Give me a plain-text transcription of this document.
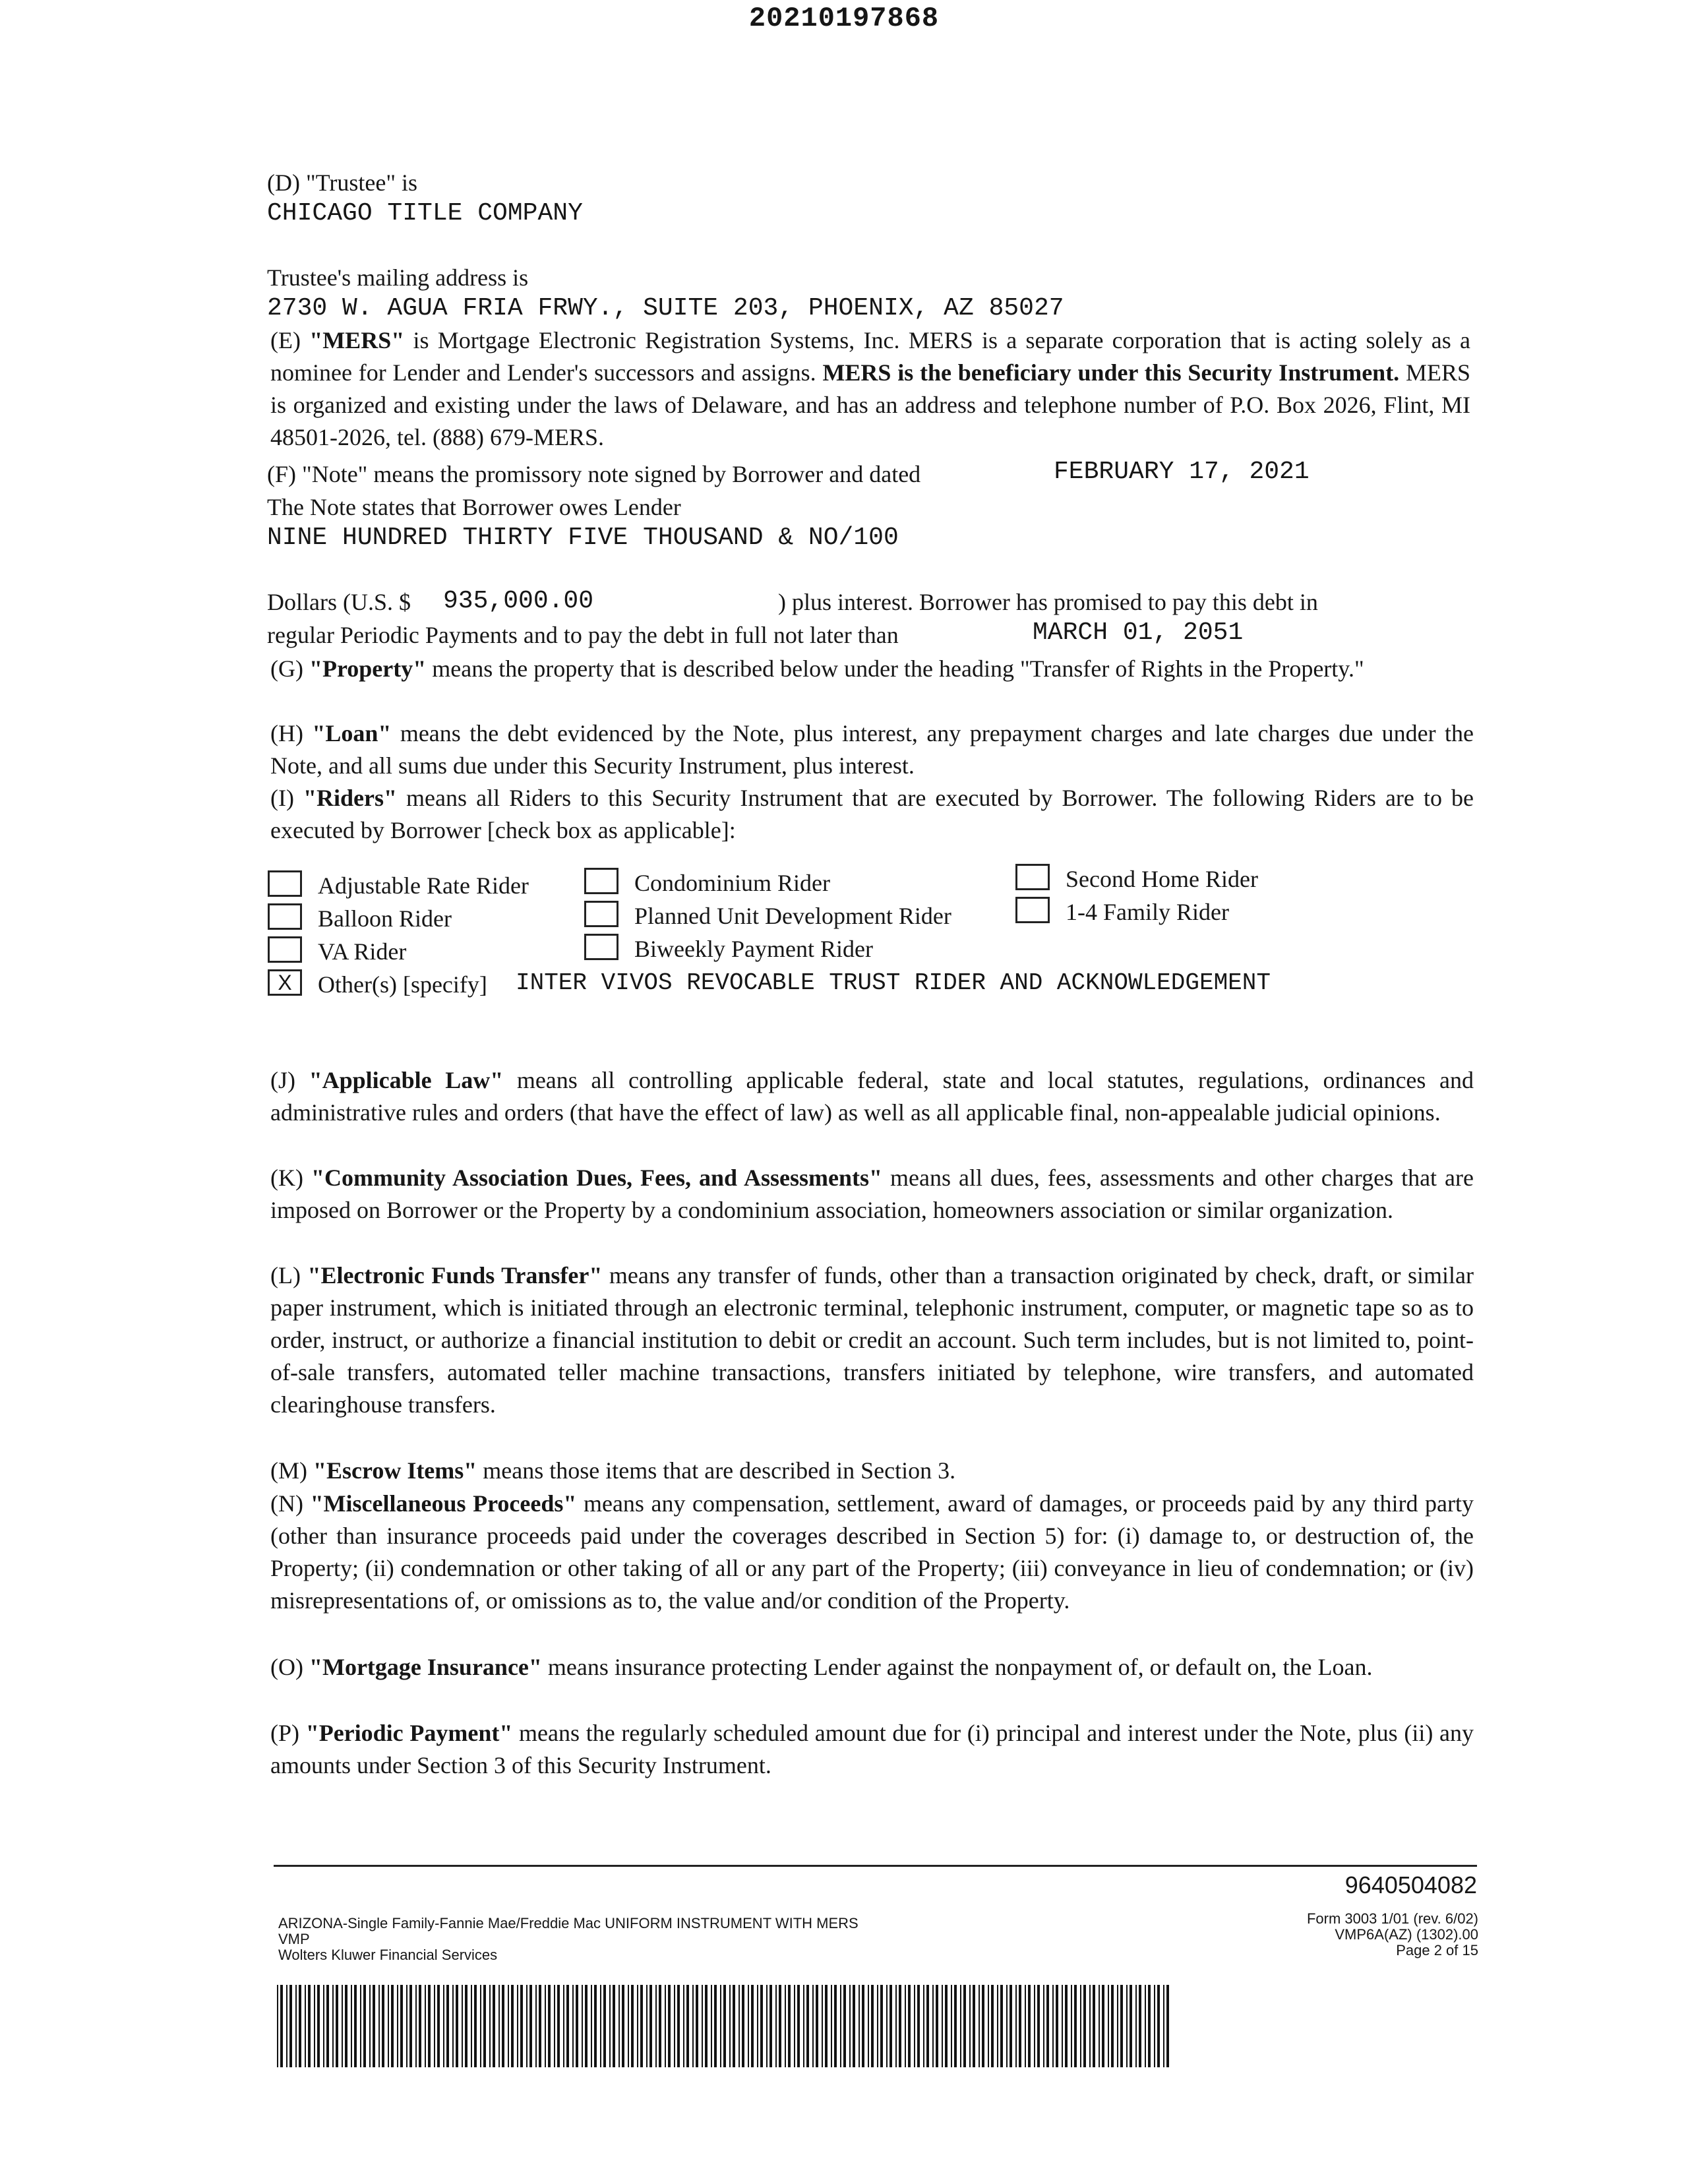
20210197868
(D) "Trustee" is
CHICAGO TITLE COMPANY
Trustee's mailing address is
2730 W. AGUA FRIA FRWY., SUITE 203, PHOENIX, AZ 85027
(E) "MERS" is Mortgage Electronic Registration Systems, Inc. MERS is a separate corporation that is acting solely as a nominee for Lender and Lender's successors and assigns. MERS is the beneficiary under this Security Instrument. MERS is organized and existing under the laws of Delaware, and has an address and telephone number of P.O. Box 2026, Flint, MI 48501-2026, tel. (888) 679-MERS.
(F) "Note" means the promissory note signed by Borrower and dated	FEBRUARY 17, 2021
The Note states that Borrower owes Lender
NINE HUNDRED THIRTY FIVE THOUSAND & NO/100
Dollars (U.S. $ 935,000.00	) plus interest. Borrower has promised to pay this debt in
regular Periodic Payments and to pay the debt in full not later than	MARCH 01, 2051
(G) "Property" means the property that is described below under the heading "Transfer of Rights in the Property."
(H) "Loan" means the debt evidenced by the Note, plus interest, any prepayment charges and late charges due under the Note, and all sums due under this Security Instrument, plus interest.
(I) "Riders" means all Riders to this Security Instrument that are executed by Borrower. The following Riders are to be executed by Borrower [check box as applicable]:
Adjustable Rate Rider	Condominium Rider	Second Home Rider
Balloon Rider	Planned Unit Development Rider	1-4 Family Rider
VA Rider	Biweekly Payment Rider
X	Other(s) [specify] INTER VIVOS REVOCABLE TRUST RIDER AND ACKNOWLEDGEMENT
(J) "Applicable Law" means all controlling applicable federal, state and local statutes, regulations, ordinances and administrative rules and orders (that have the effect of law) as well as all applicable final, non-appealable judicial opinions.
(K) "Community Association Dues, Fees, and Assessments" means all dues, fees, assessments and other charges that are imposed on Borrower or the Property by a condominium association, homeowners association or similar organization.
(L) "Electronic Funds Transfer" means any transfer of funds, other than a transaction originated by check, draft, or similar paper instrument, which is initiated through an electronic terminal, telephonic instrument, computer, or magnetic tape so as to order, instruct, or authorize a financial institution to debit or credit an account. Such term includes, but is not limited to, point-of-sale transfers, automated teller machine transactions, transfers initiated by telephone, wire transfers, and automated clearinghouse transfers.
(M) "Escrow Items" means those items that are described in Section 3.
(N) "Miscellaneous Proceeds" means any compensation, settlement, award of damages, or proceeds paid by any third party (other than insurance proceeds paid under the coverages described in Section 5) for: (i) damage to, or destruction of, the Property; (ii) condemnation or other taking of all or any part of the Property; (iii) conveyance in lieu of condemnation; or (iv) misrepresentations of, or omissions as to, the value and/or condition of the Property.
(O) "Mortgage Insurance" means insurance protecting Lender against the nonpayment of, or default on, the Loan.
(P) "Periodic Payment" means the regularly scheduled amount due for (i) principal and interest under the Note, plus (ii) any amounts under Section 3 of this Security Instrument.
9640504082
ARIZONA-Single Family-Fannie Mae/Freddie Mac UNIFORM INSTRUMENT WITH MERS
VMP
Wolters Kluwer Financial Services
Form 3003 1/01 (rev. 6/02)
VMP6A(AZ) (1302).00
Page 2 of 15
